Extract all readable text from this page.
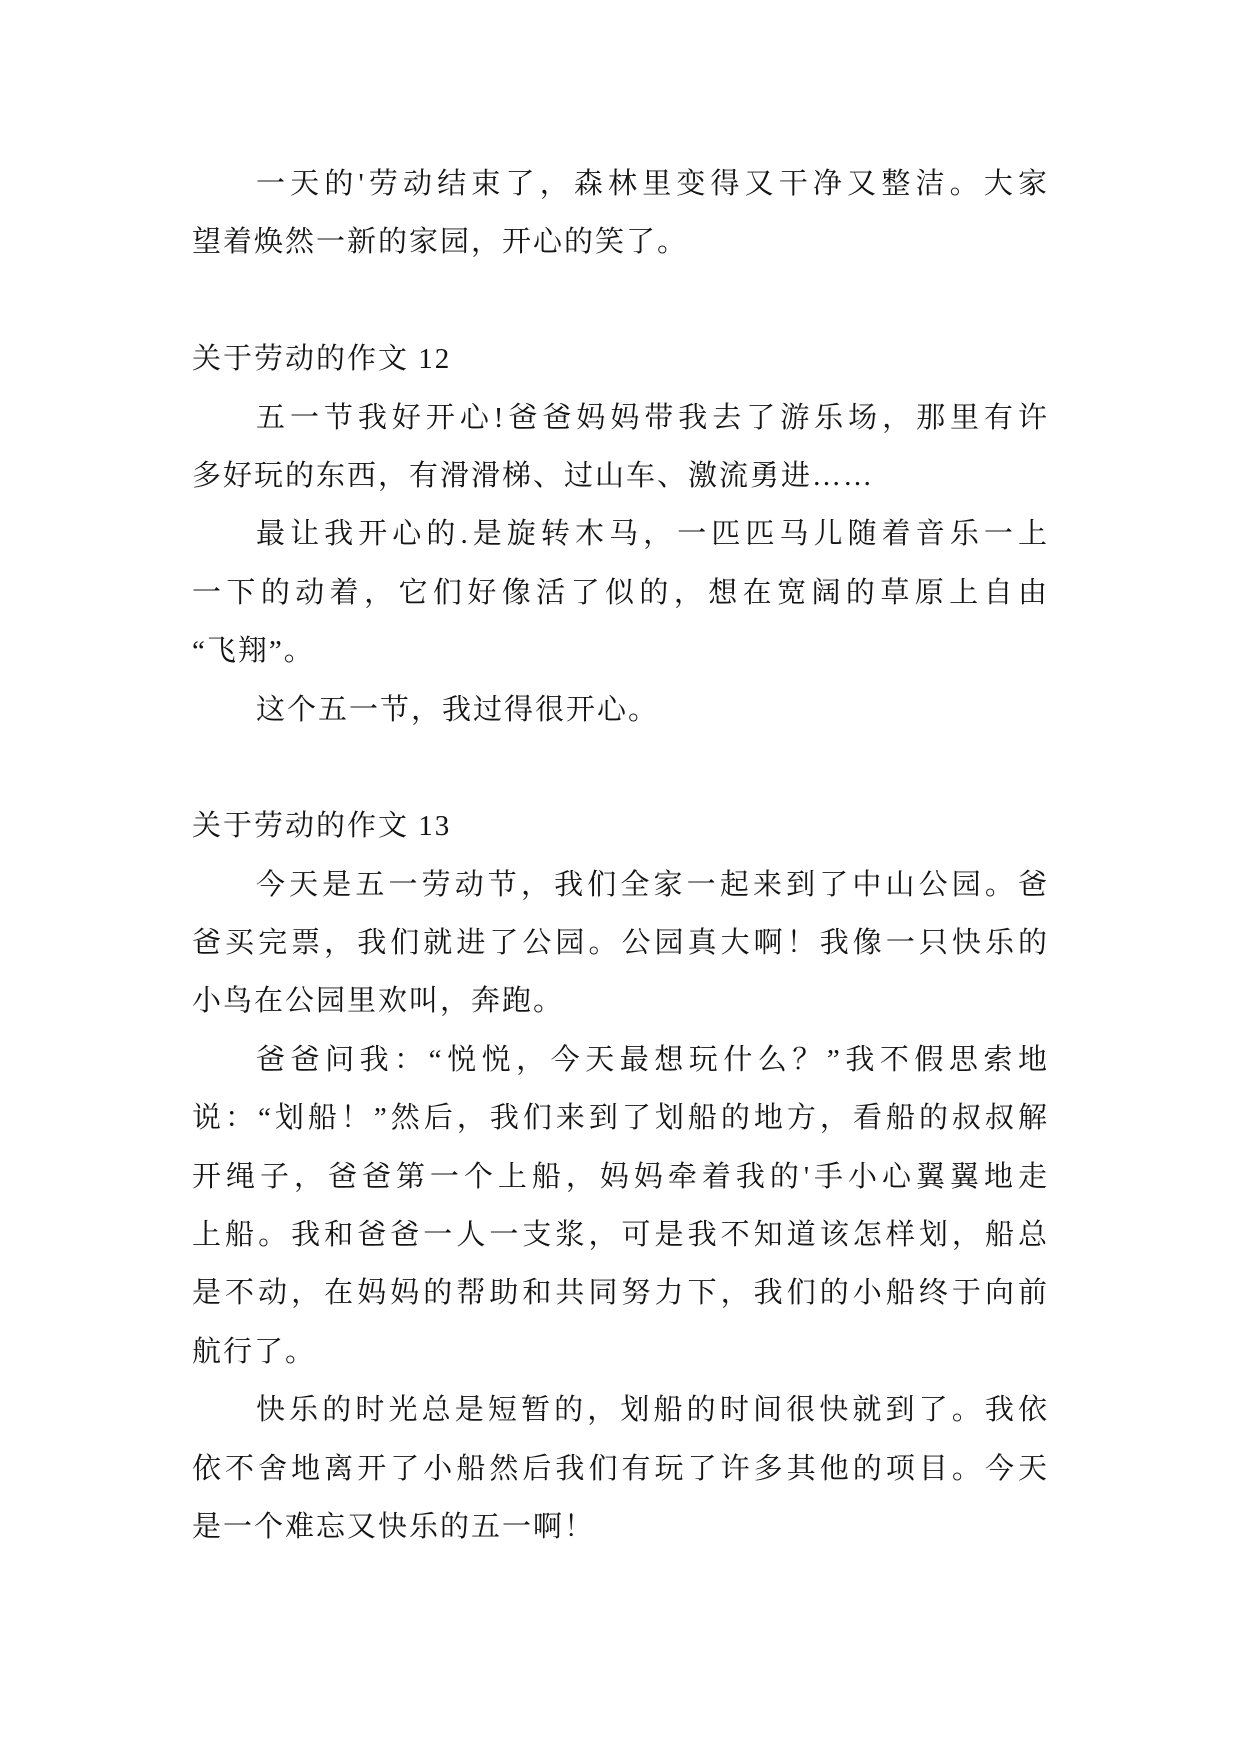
一天的'劳动结束了，森林里变得又干净又整洁。大家
望着焕然一新的家园，开心的笑了。
关于劳动的作文 12
五一节我好开心!爸爸妈妈带我去了游乐场，那里有许
多好玩的东西，有滑滑梯、过山车、激流勇进……
最让我开心的.是旋转木马，一匹匹马儿随着音乐一上
一下的动着，它们好像活了似的，想在宽阔的草原上自由
“飞翔”。
这个五一节，我过得很开心。
关于劳动的作文 13
今天是五一劳动节，我们全家一起来到了中山公园。爸
爸买完票，我们就进了公园。公园真大啊！我像一只快乐的
小鸟在公园里欢叫，奔跑。
爸爸问我：“悦悦，今天最想玩什么？”我不假思索地
说：“划船！”然后，我们来到了划船的地方，看船的叔叔解
开绳子，爸爸第一个上船，妈妈牵着我的'手小心翼翼地走
上船。我和爸爸一人一支浆，可是我不知道该怎样划，船总
是不动，在妈妈的帮助和共同努力下，我们的小船终于向前
航行了。
快乐的时光总是短暂的，划船的时间很快就到了。我依
依不舍地离开了小船然后我们有玩了许多其他的项目。今天
是一个难忘又快乐的五一啊！
